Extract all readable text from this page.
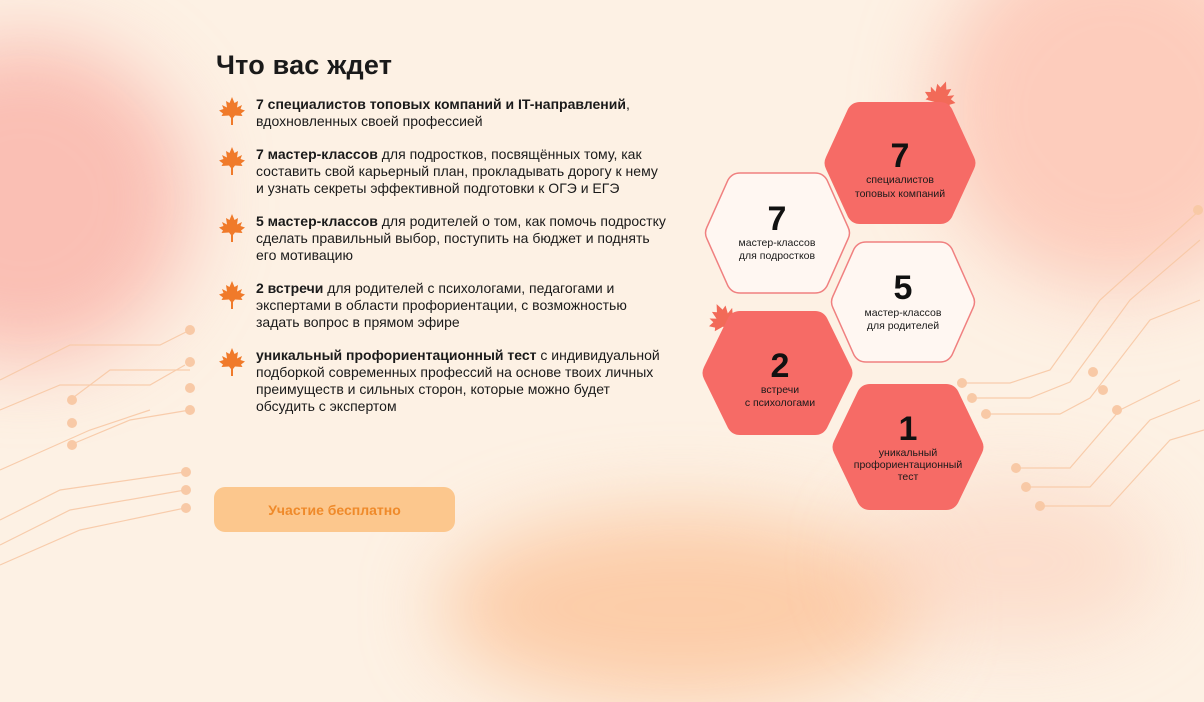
Что вас ждет
7 специалистов топовых компаний и IT-направлений, вдохновленных своей профессией
7 мастер-классов для подростков, посвящённых тому, как составить свой карьерный план, прокладывать дорогу к нему и узнать секреты эффективной подготовки к ОГЭ и ЕГЭ
5 мастер-классов для родителей о том, как помочь подростку сделать правильный выбор, поступить на бюджет и поднять его мотивацию
2 встречи для родителей с психологами, педагогами и экспертами в области профориентации, с возможностью задать вопрос в прямом эфире
уникальный профориентационный тест с индивидуальной подборкой современных профессий на основе твоих личных преимуществ и сильных сторон, которые можно будет обсудить с экспертом
Участие бесплатно
7
специалистов
топовых компаний
7
мастер-классов
для подростков
5
мастер-классов
для родителей
2
встречи
с психологами
1
уникальный
профориентационный
тест
